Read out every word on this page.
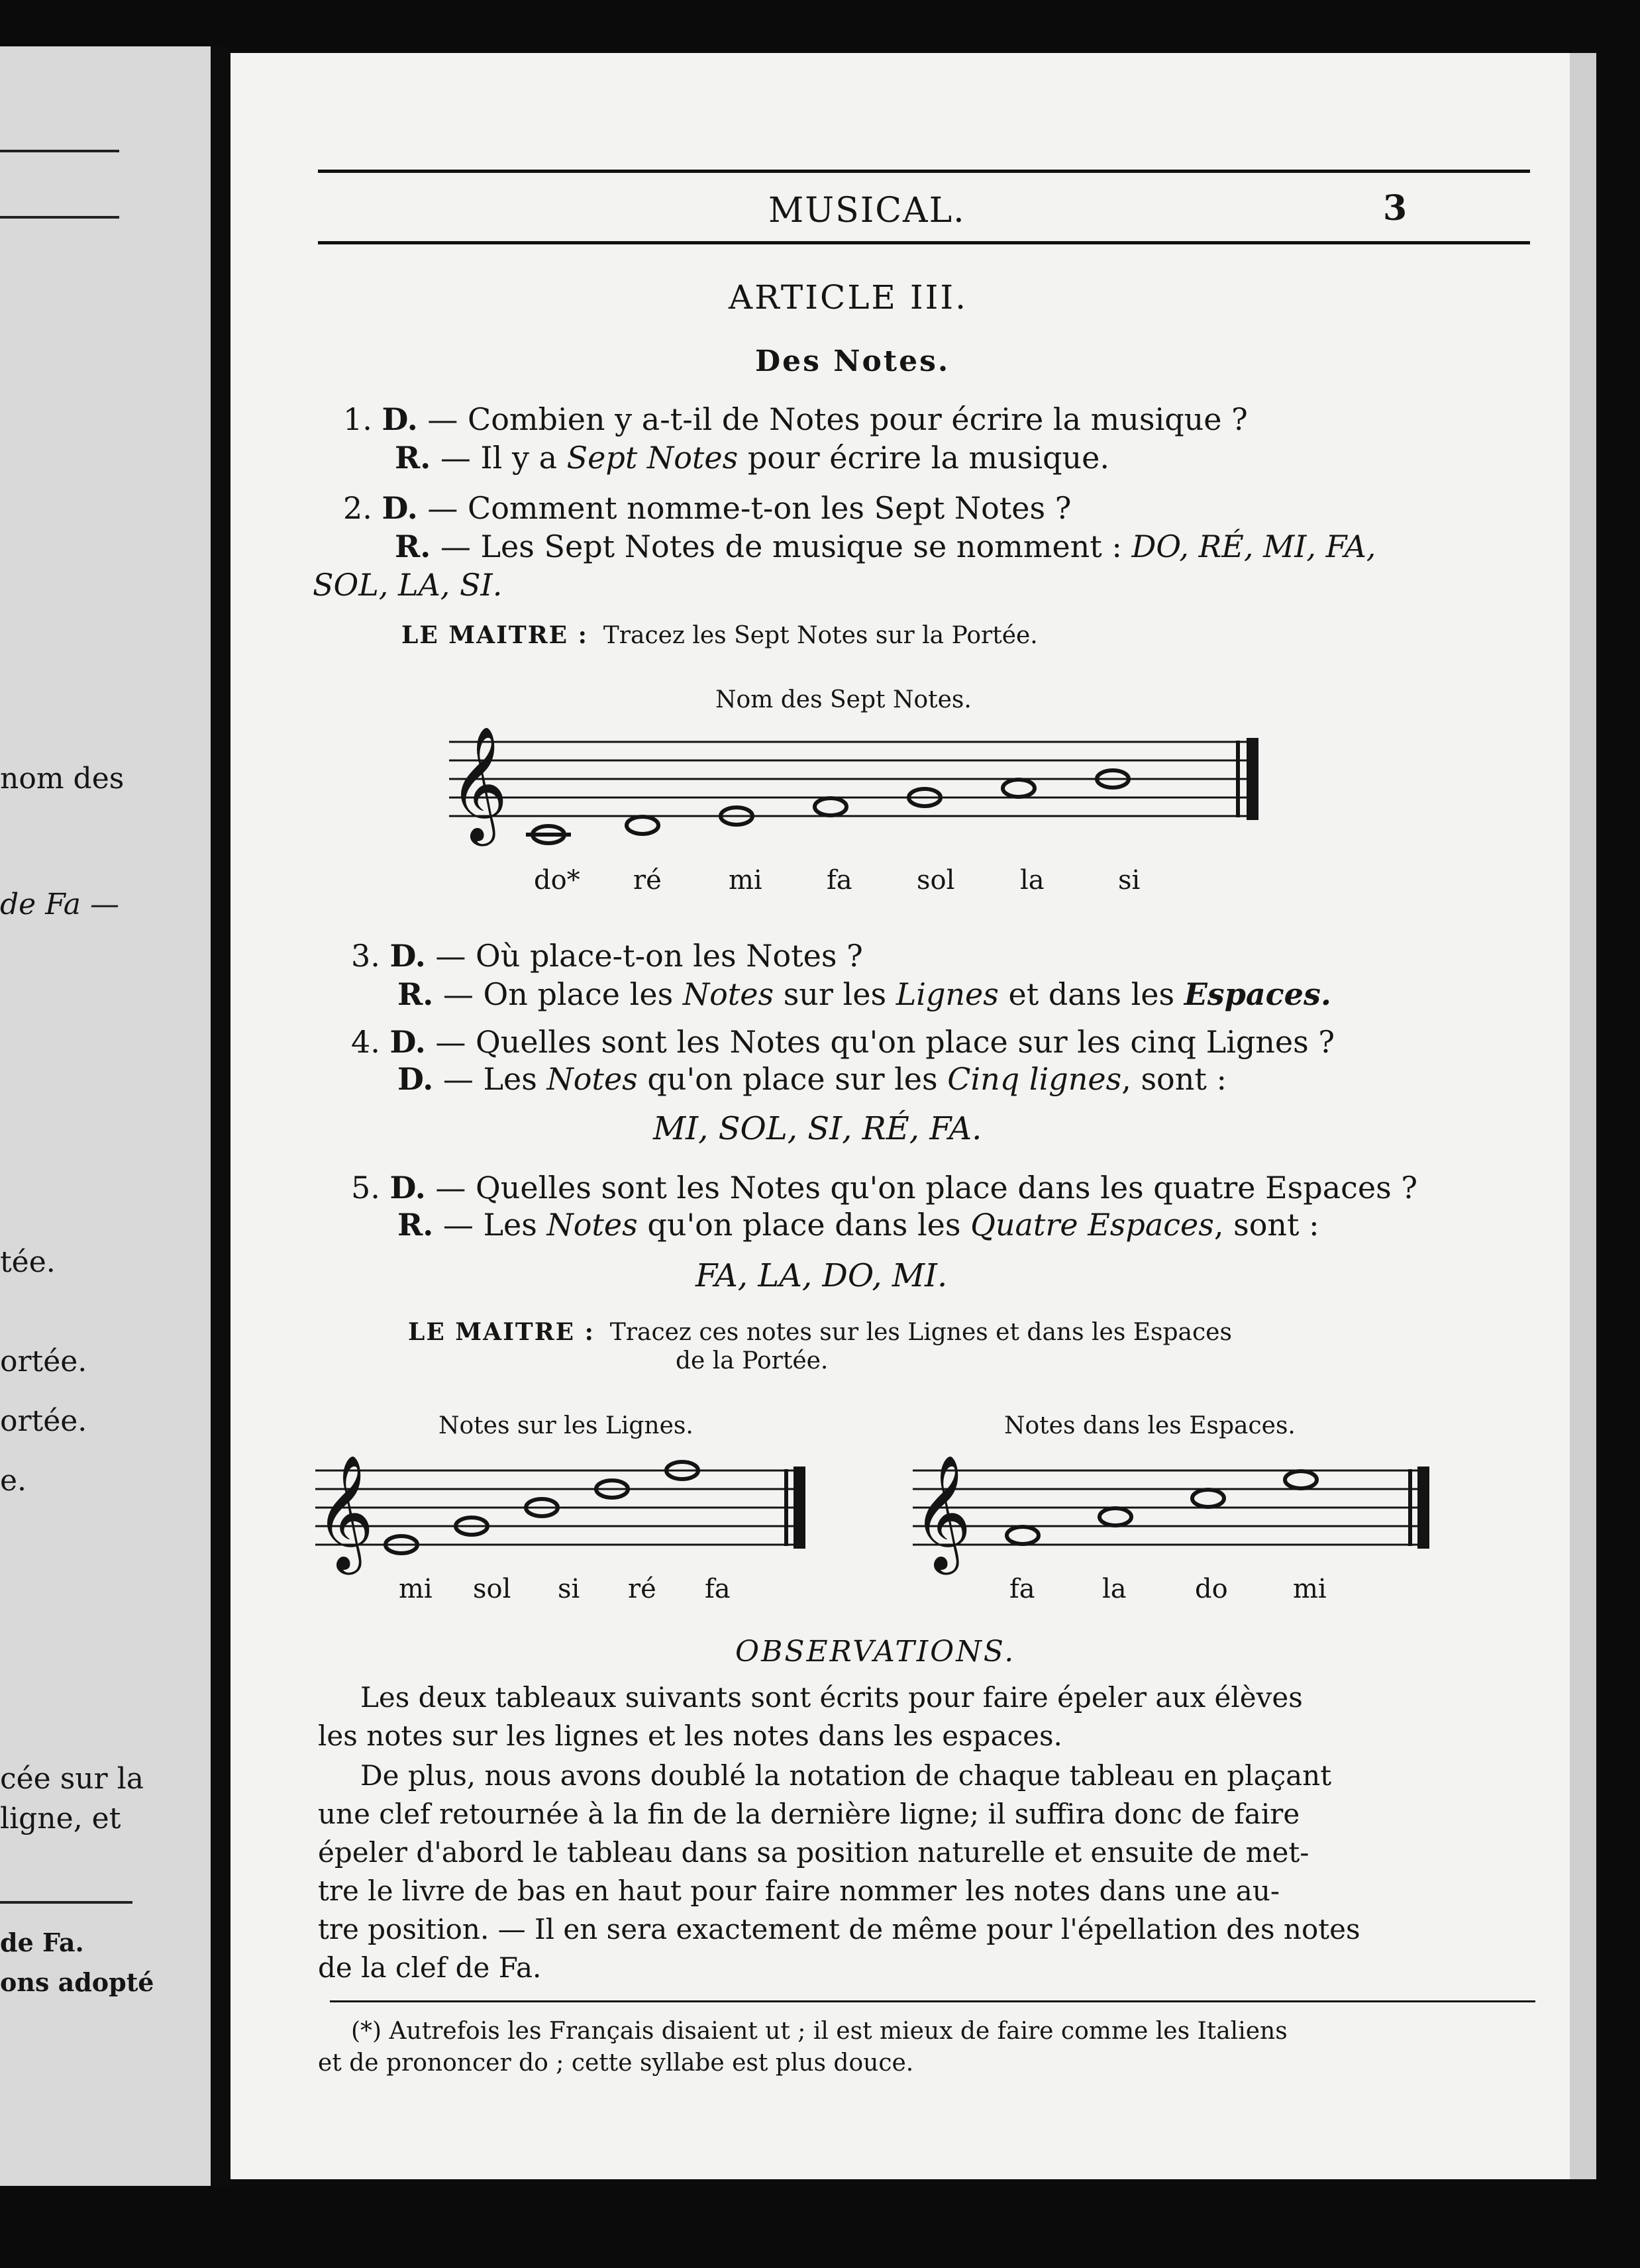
nom des
de Fa —
tée.
ortée.
ortée.
e.
cée sur la
ligne, et
de Fa.
ons adopté
MUSICAL.	3
ARTICLE III.
Des Notes.
1. D. — Combien y a-t-il de Notes pour écrire la musique ?
R. — Il y a Sept Notes pour écrire la musique.
2. D. — Comment nomme-t-on les Sept Notes ?
R. — Les Sept Notes de musique se nomment : DO, RÉ, MI, FA,
SOL, LA, SI.
LE MAITRE : Tracez les Sept Notes sur la Portée.
Nom des Sept Notes.
𝄞
do* ré	mi fa sol la	si
3. D. — Où place-t-on les Notes ?
R. — On place les Notes sur les Lignes et dans les Espaces.
4. D. — Quelles sont les Notes qu'on place sur les cinq Lignes ?
D. — Les Notes qu'on place sur les Cinq lignes, sont :
MI, SOL, SI, RÉ, FA.
5. D. — Quelles sont les Notes qu'on place dans les quatre Espaces ?
R. — Les Notes qu'on place dans les Quatre Espaces, sont :
FA, LA, DO, MI.
LE MAITRE : Tracez ces notes sur les Lignes et dans les Espaces
de la Portée.
Notes sur les Lignes.	Notes dans les Espaces.
𝄞
mi sol si ré fa
𝄞
fa	la	do mi
OBSERVATIONS.
Les deux tableaux suivants sont écrits pour faire épeler aux élèves
les notes sur les lignes et les notes dans les espaces.
De plus, nous avons doublé la notation de chaque tableau en plaçant
une clef retournée à la fin de la dernière ligne; il suffira donc de faire
épeler d'abord le tableau dans sa position naturelle et ensuite de met-
tre le livre de bas en haut pour faire nommer les notes dans une au-
tre position. — Il en sera exactement de même pour l'épellation des notes
de la clef de Fa.
(*) Autrefois les Français disaient ut ; il est mieux de faire comme les Italiens
et de prononcer do ; cette syllabe est plus douce.
